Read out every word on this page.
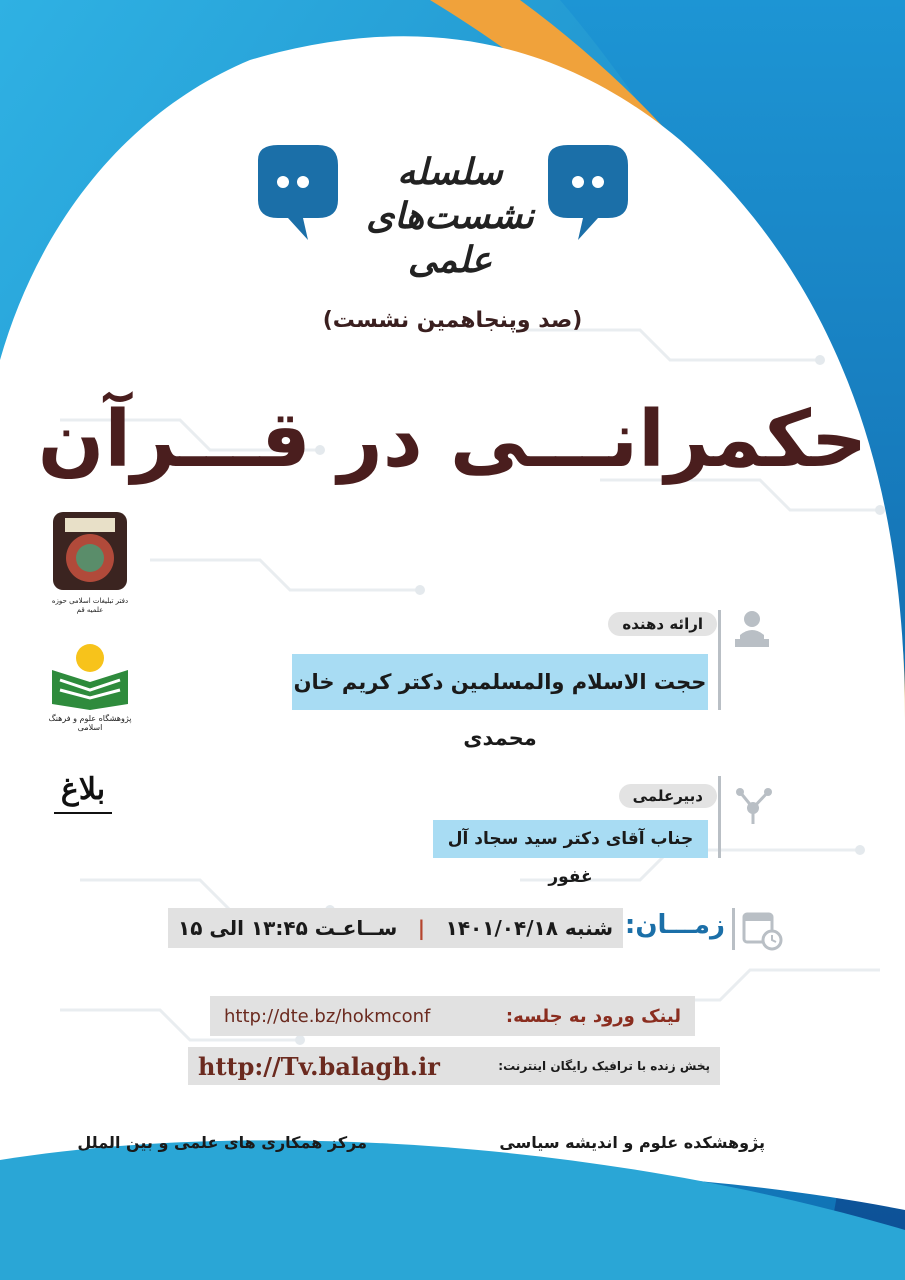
سلسله نشست‌های علمی
(صد وپنجاهمین نشست)
حکمرانـــی در قـــرآن
دفتر تبلیغات اسلامی حوزه علمیه قم
پژوهشگاه علوم و فرهنگ اسلامی
بلاغ
ارائه دهنده
حجت الاسلام والمسلمین دکتر کریم خان محمدی
دبیرعلمی
جناب آقای دکتر سید سجاد آل غفور
زمـــان:
شنبه ۱۴۰۱/۰۴/۱۸
|
ســاعـت ۱۳:۴۵ الی ۱۵
لینک ورود به جلسه:
http://dte.bz/hokmconf
پخش زنده با ترافیک رایگان اینترنت:
http://Tv.balagh.ir
پژوهشکده علوم و اندیشه سیاسی
مرکز همکاری های علمی و بین الملل
